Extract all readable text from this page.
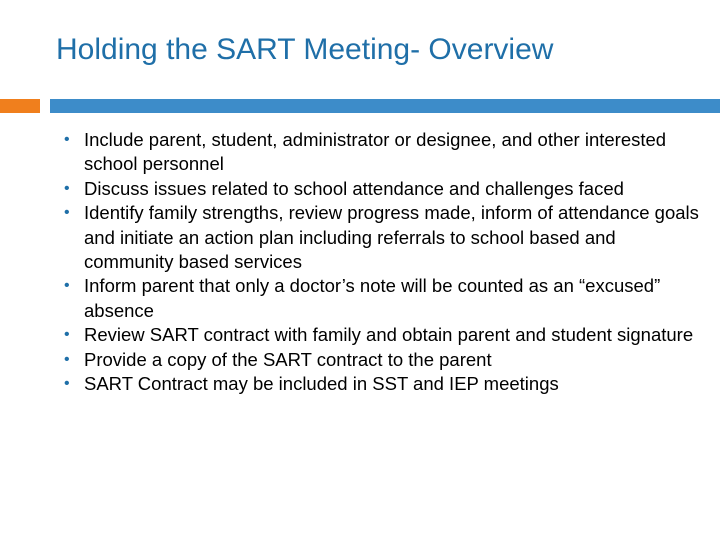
Holding the SART Meeting- Overview
• Include parent, student, administrator or designee, and other interested school personnel
• Discuss issues related to school attendance and challenges faced
• Identify family strengths, review progress made, inform of attendance goals and initiate an action plan including referrals to school based and community based services
• Inform parent that only a doctor’s note will be counted as an “excused” absence
• Review SART contract with family and obtain parent and student signature
• Provide a copy of the SART contract to the parent
• SART Contract may be included in SST and IEP meetings
